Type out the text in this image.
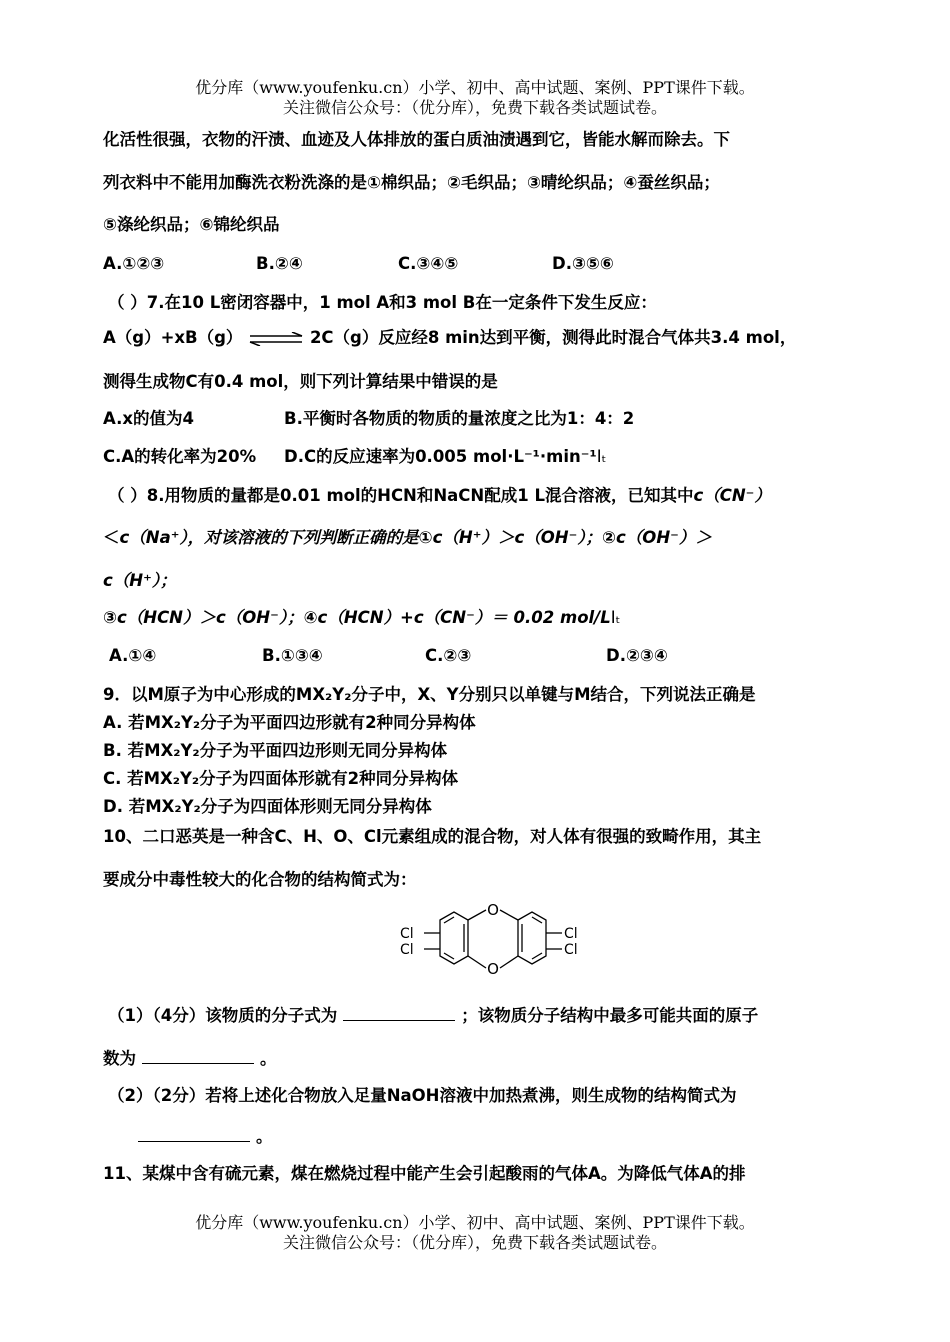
优分库（www.youfenku.cn）小学、初中、高中试题、案例、PPT课件下载。
关注微信公众号：（优分库），免费下载各类试题试卷。
化活性很强，衣物的汗渍、血迹及人体排放的蛋白质油渍遇到它，皆能水解而除去。下
列衣料中不能用加酶洗衣粉洗涤的是①棉织品；②毛织品；③晴纶织品；④蚕丝织品；
⑤涤纶织品；⑥锦纶织品
A.①②③	B.②④	C.③④⑤	D.③⑤⑥
（ ）7.在10 L密闭容器中，1 mol A和3 mol B在一定条件下发生反应：
A（g）+xB（g） ⇌ 2C（g）反应经8 min达到平衡，测得此时混合气体共3.4 mol，
测得生成物C有0.4 mol，则下列计算结果中错误的是
A.x的值为4	B.平衡时各物质的物质的量浓度之比为1：4：2
C.A的转化率为20% D.C的反应速率为0.005 mol·L⁻¹·min⁻¹Iₜ
（ ）8.用物质的量都是0.01 mol的HCN和NaCN配成1 L混合溶液，已知其中c（CN⁻）
＜c（Na⁺），对该溶液的下列判断正确的是①c（H⁺）＞c（OH⁻）；②c（OH⁻）＞
c（H⁺）；
③c（HCN）＞c（OH⁻）；④c（HCN）+c（CN⁻）＝ 0.02 mol/LIₜ
A.①④	B.①③④	C.②③	D.②③④
9．以M原子为中心形成的MX₂Y₂分子中，X、Y分别只以单键与M结合，下列说法正确是
A. 若MX₂Y₂分子为平面四边形就有2种同分异构体
B. 若MX₂Y₂分子为平面四边形则无同分异构体
C. 若MX₂Y₂分子为四面体形就有2种同分异构体
D. 若MX₂Y₂分子为四面体形则无同分异构体
10、二口恶英是一种含C、H、O、Cl元素组成的混合物，对人体有很强的致畸作用，其主
要成分中毒性较大的化合物的结构简式为：
O
O
Cl
Cl
Cl
Cl
（1）（4分）该物质的分子式为	；该物质分子结构中最多可能共面的原子
数为	。
（2）（2分）若将上述化合物放入足量NaOH溶液中加热煮沸，则生成物的结构简式为
。
11、某煤中含有硫元素，煤在燃烧过程中能产生会引起酸雨的气体A。为降低气体A的排
优分库（www.youfenku.cn）小学、初中、高中试题、案例、PPT课件下载。
关注微信公众号：（优分库），免费下载各类试题试卷。
